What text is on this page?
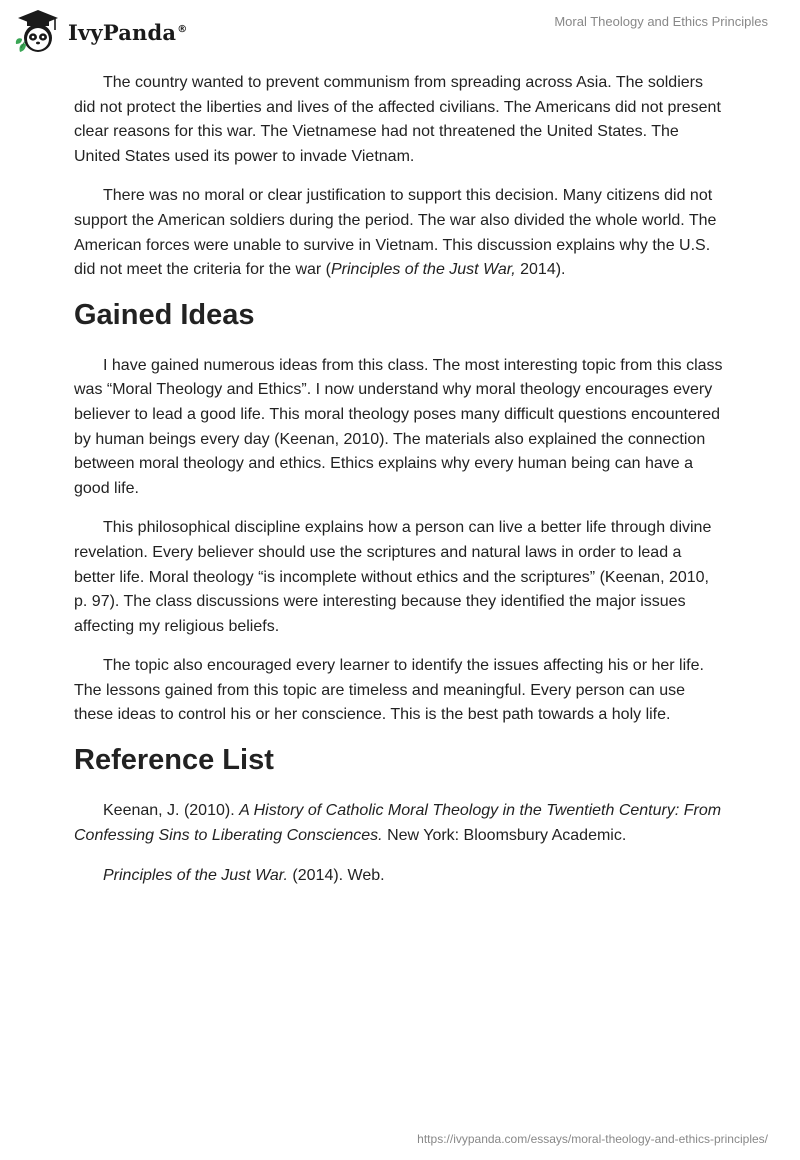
IvyPanda®	Moral Theology and Ethics Principles

The country wanted to prevent communism from spreading across Asia. The soldiers did not protect the liberties and lives of the affected civilians. The Americans did not present clear reasons for this war. The Vietnamese had not threatened the United States. The United States used its power to invade Vietnam.

There was no moral or clear justification to support this decision. Many citizens did not support the American soldiers during the period. The war also divided the whole world. The American forces were unable to survive in Vietnam. This discussion explains why the U.S. did not meet the criteria for the war (Principles of the Just War, 2014).

Gained Ideas

I have gained numerous ideas from this class. The most interesting topic from this class was “Moral Theology and Ethics”. I now understand why moral theology encourages every believer to lead a good life. This moral theology poses many difficult questions encountered by human beings every day (Keenan, 2010). The materials also explained the connection between moral theology and ethics. Ethics explains why every human being can have a good life.

This philosophical discipline explains how a person can live a better life through divine revelation. Every believer should use the scriptures and natural laws in order to lead a better life. Moral theology “is incomplete without ethics and the scriptures” (Keenan, 2010, p. 97). The class discussions were interesting because they identified the major issues affecting my religious beliefs.

The topic also encouraged every learner to identify the issues affecting his or her life. The lessons gained from this topic are timeless and meaningful. Every person can use these ideas to control his or her conscience. This is the best path towards a holy life.

Reference List

Keenan, J. (2010). A History of Catholic Moral Theology in the Twentieth Century: From Confessing Sins to Liberating Consciences. New York: Bloomsbury Academic.

Principles of the Just War. (2014). Web.

https://ivypanda.com/essays/moral-theology-and-ethics-principles/
